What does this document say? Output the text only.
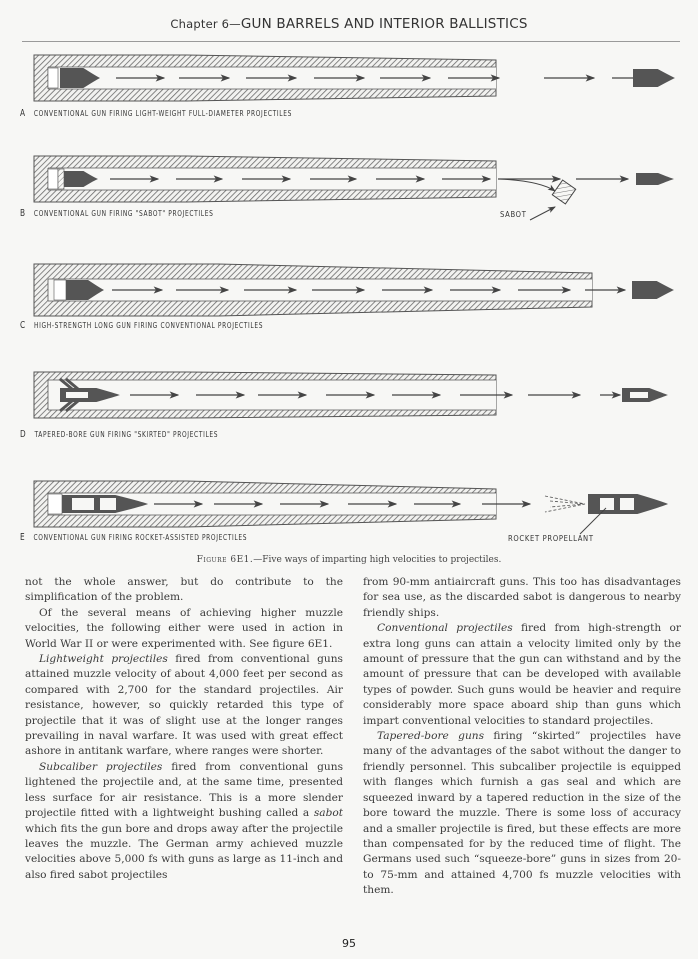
Chapter 6—GUN BARRELS AND INTERIOR BALLISTICS
A CONVENTIONAL GUN FIRING LIGHT-WEIGHT FULL-DIAMETER PROJECTILES
B CONVENTIONAL GUN FIRING "SABOT" PROJECTILES	SABOT
C HIGH-STRENGTH LONG GUN FIRING CONVENTIONAL PROJECTILES
D TAPERED-BORE GUN FIRING "SKIRTED" PROJECTILES
E CONVENTIONAL GUN FIRING ROCKET-ASSISTED PROJECTILES	ROCKET PROPELLANT
Figure 6E1.—Five ways of imparting high velocities to projectiles.

not the whole answer, but do contribute to the simplification of the problem.

Of the several means of achieving higher muzzle velocities, the following either were used in action in World War II or were experimented with. See figure 6E1.

Lightweight projectiles fired from conventional guns attained muzzle velocity of about 4,000 feet per second as compared with 2,700 for the standard projectiles. Air resistance, however, so quickly retarded this type of projectile that it was of slight use at the longer ranges prevailing in naval warfare. It was used with great effect ashore in antitank warfare, where ranges were shorter.

Subcaliber projectiles fired from conventional guns lightened the projectile and, at the same time, presented less surface for air resistance. This is a more slender projectile fitted with a lightweight bushing called a sabot which fits the gun bore and drops away after the projectile leaves the muzzle. The German army achieved muzzle velocities above 5,000 fs with guns as large as 11-inch and also fired sabot projectiles

from 90-mm antiaircraft guns. This too has disadvantages for sea use, as the discarded sabot is dangerous to nearby friendly ships.

Conventional projectiles fired from high-strength or extra long guns can attain a velocity limited only by the amount of pressure that the gun can withstand and by the amount of pressure that can be developed with available types of powder. Such guns would be heavier and require considerably more space aboard ship than guns which impart conventional velocities to standard projectiles.

Tapered-bore guns firing “skirted” projectiles have many of the advantages of the sabot without the danger to friendly personnel. This subcaliber projectile is equipped with flanges which furnish a gas seal and which are squeezed inward by a tapered reduction in the size of the bore toward the muzzle. There is some loss of accuracy and a smaller projectile is fired, but these effects are more than compensated for by the reduced time of flight. The Germans used such “squeeze-bore” guns in sizes from 20- to 75-mm and attained 4,700 fs muzzle velocities with them.

95
